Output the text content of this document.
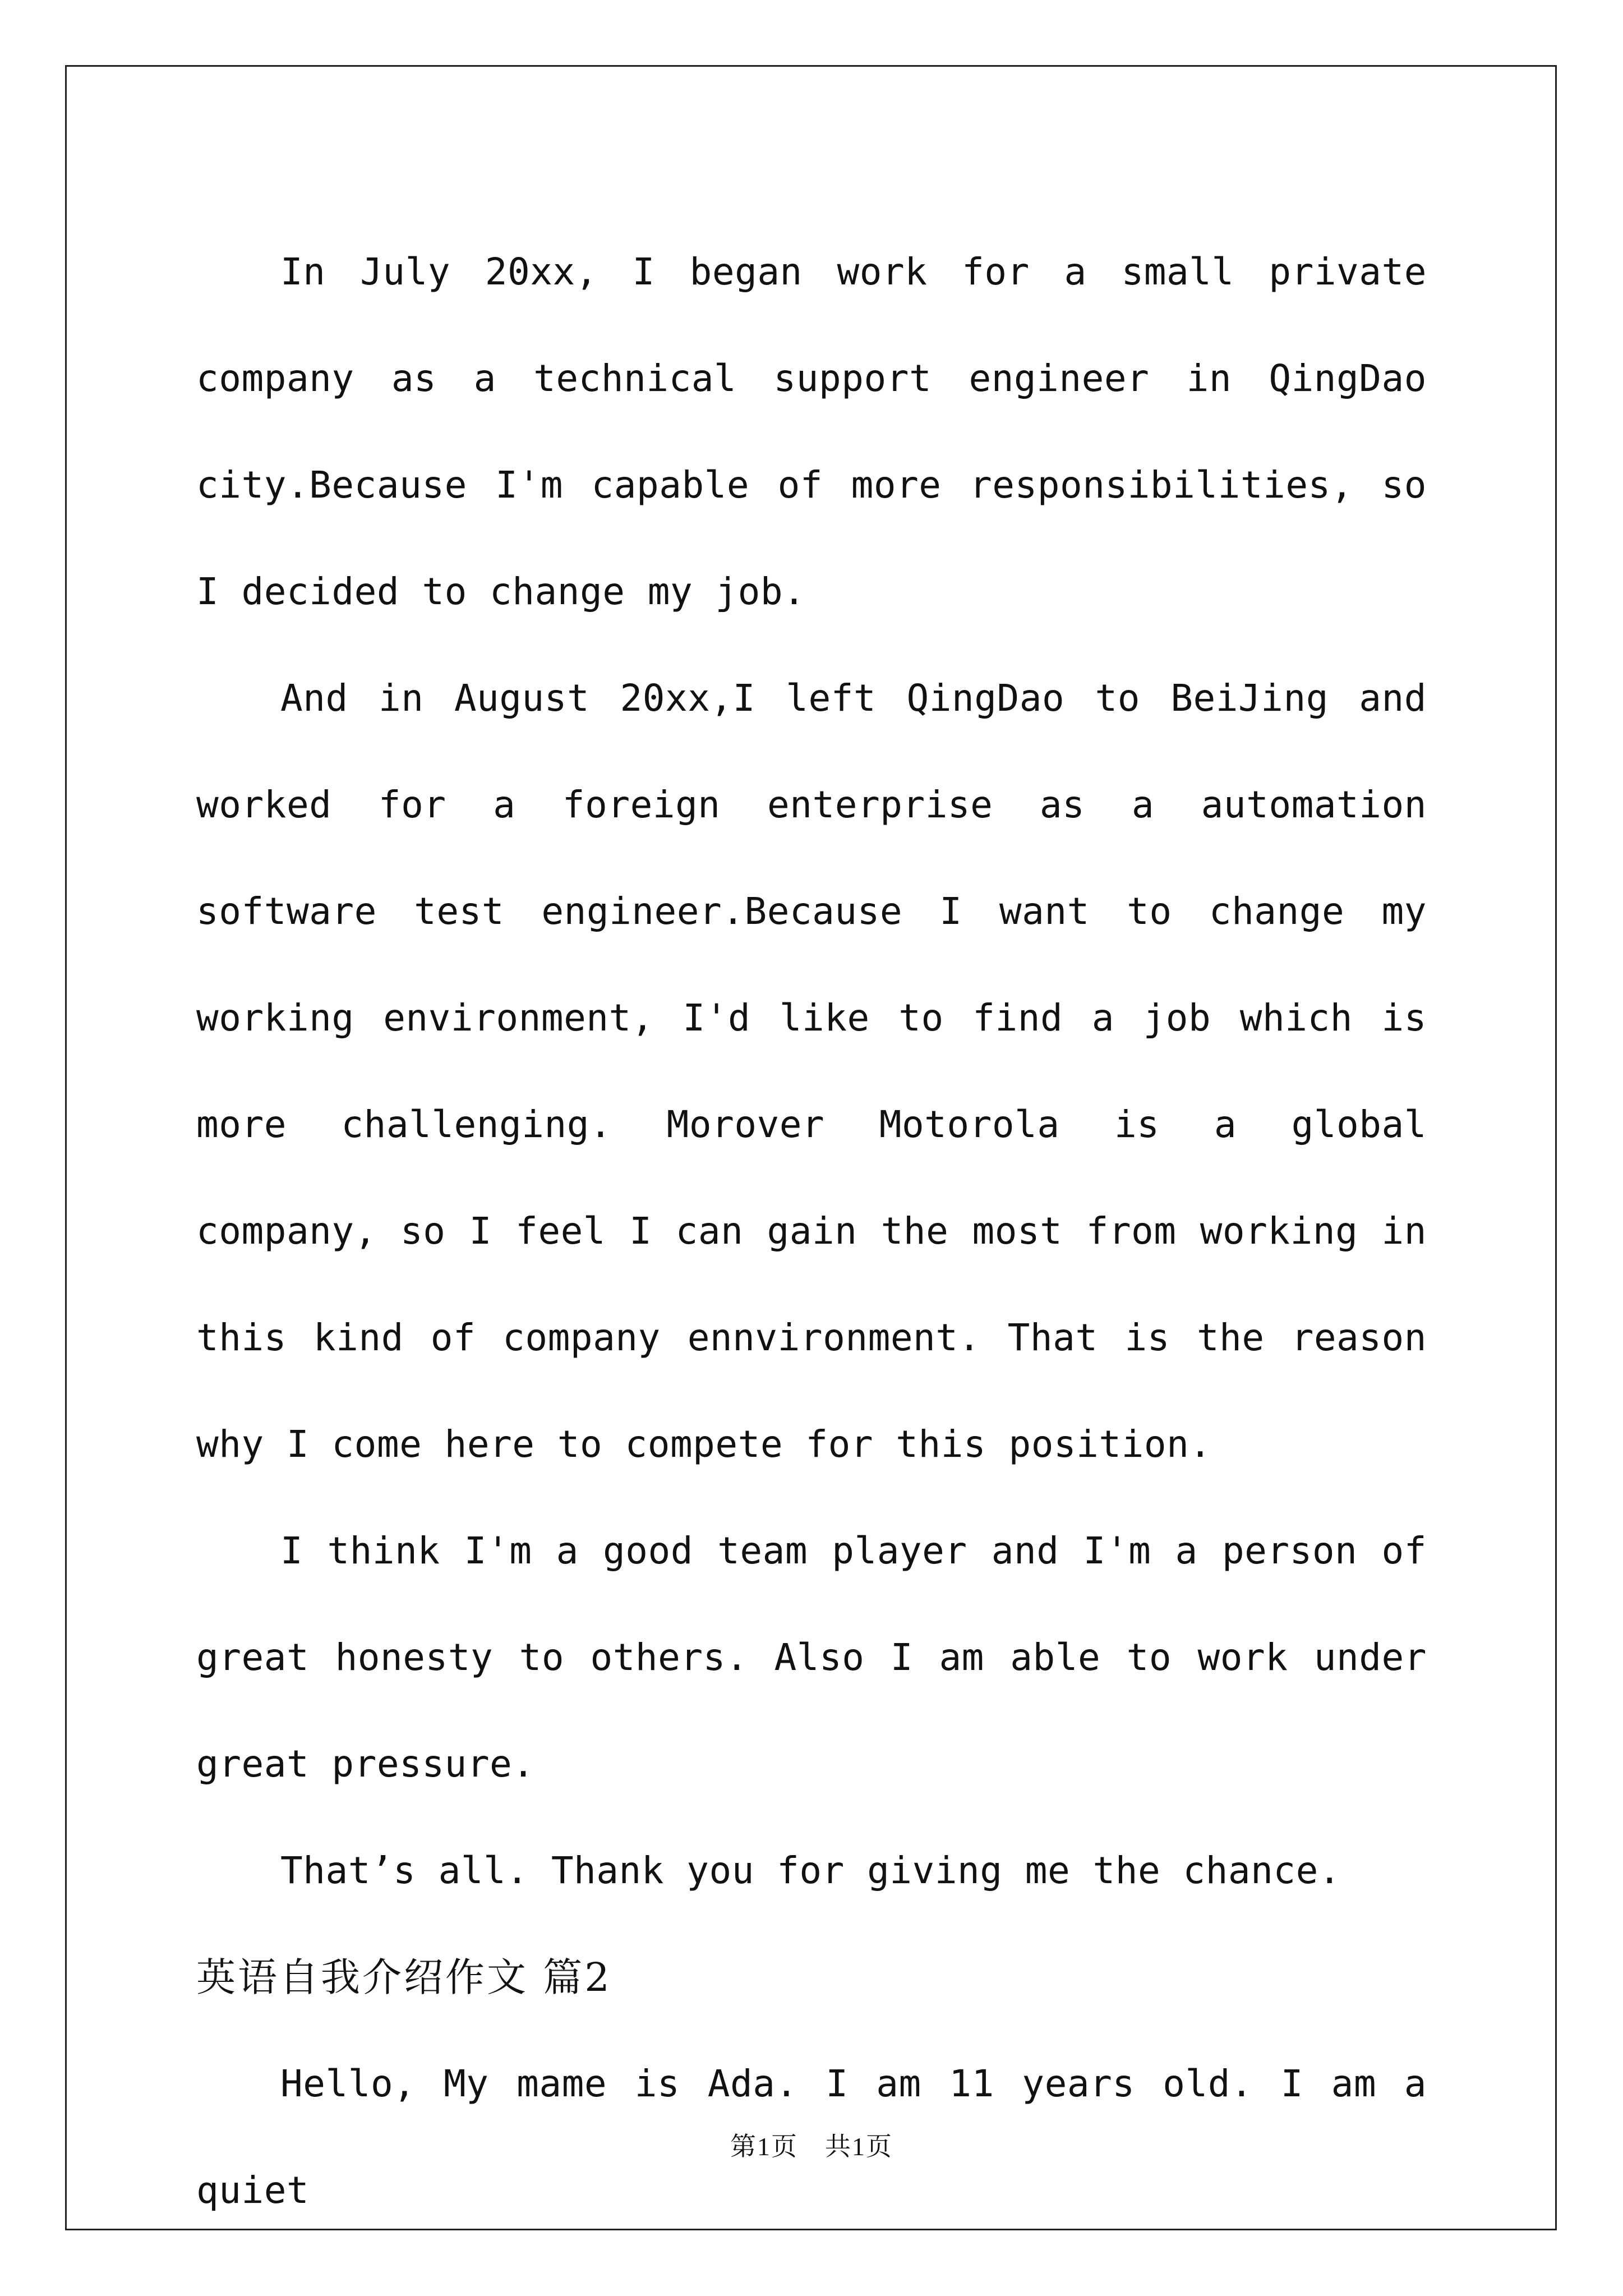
In July 20xx, I began work for a small private company as a technical support engineer in QingDao city.Because I'm capable of more responsibilities, so I decided to change my job.

And in August 20xx,I left QingDao to BeiJing and worked for a foreign enterprise as a automation software test engineer.Because I want to change my working environment, I'd like to find a job which is more challenging. Morover Motorola is a global company, so I feel I can gain the most from working in this kind of company ennvironment. That is the reason why I come here to compete for this position.

I think I'm a good team player and I'm a person of great honesty to others. Also I am able to work under great pressure.

That’s all. Thank you for giving me the chance.

英语自我介绍作文 篇2

Hello, My mame is Ada. I am 11 years old. I am a quiet

第1页　共1页
